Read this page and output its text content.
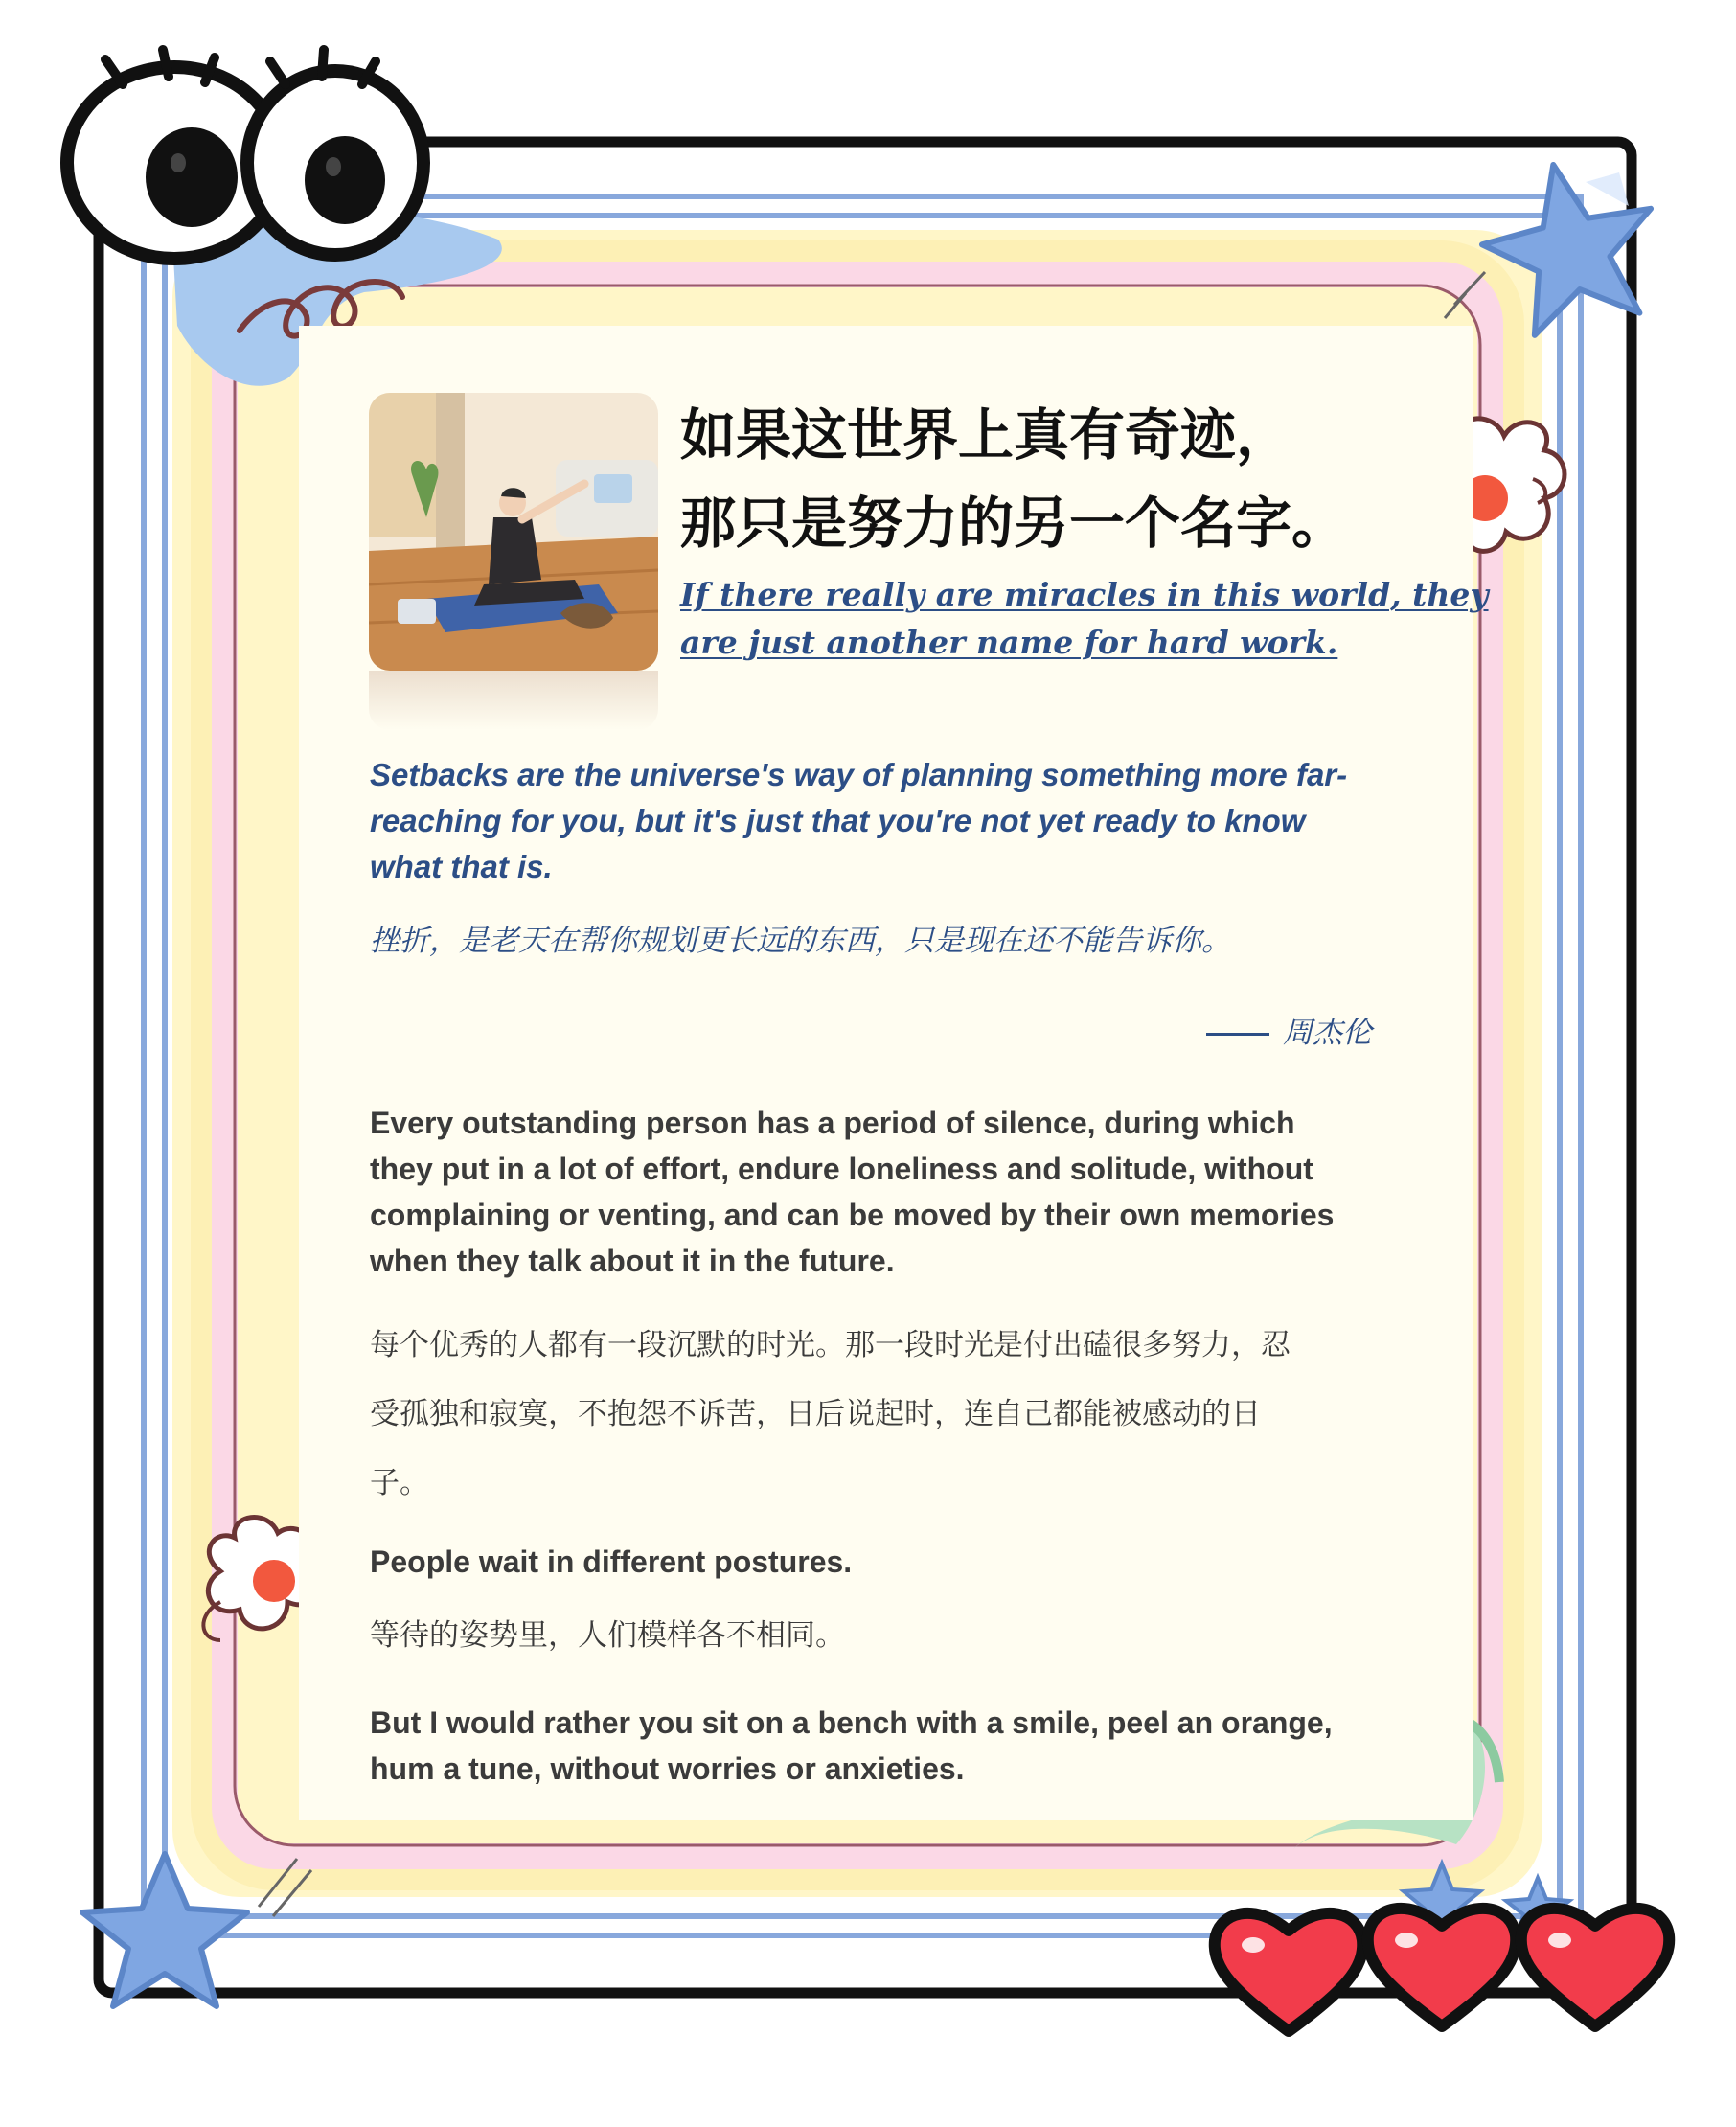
如果这世界上真有奇迹，
那只是努力的另一个名字。

If there really are miracles in this world, they
are just another name for hard work.

Setbacks are the universe's way of planning something more far-
reaching for you, but it's just that you're not yet ready to know
what that is.

挫折，是老天在帮你规划更长远的东西，只是现在还不能告诉你。

周杰伦

Every outstanding person has a period of silence, during which
they put in a lot of effort, endure loneliness and solitude, without
complaining or venting, and can be moved by their own memories
when they talk about it in the future.

每个优秀的人都有一段沉默的时光。那一段时光是付出磕很多努力，忍
受孤独和寂寞，不抱怨不诉苦，日后说起时，连自己都能被感动的日
子。

People wait in different postures.

等待的姿势里，人们模样各不相同。

But I would rather you sit on a bench with a smile, peel an orange,
hum a tune, without worries or anxieties.
